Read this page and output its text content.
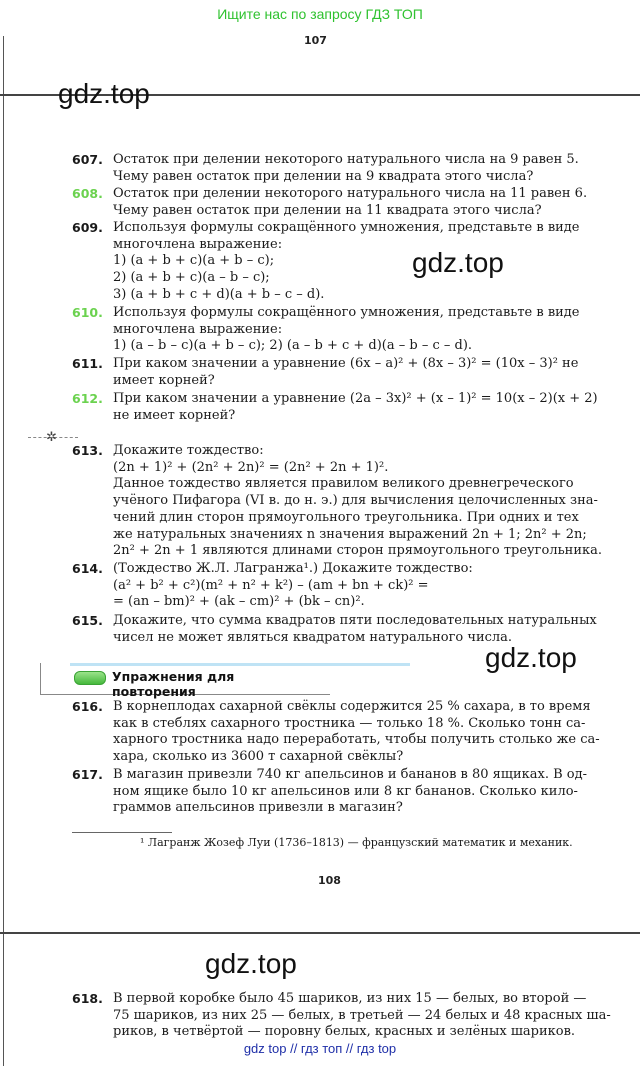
Ищите нас по запросу ГДЗ ТОП
107
gdz.top
607. Остаток при делении некоторого натурального числа на 9 равен 5.
Чему равен остаток при делении на 9 квадрата этого числа?
608. Остаток при делении некоторого натурального числа на 11 равен 6.
Чему равен остаток при делении на 11 квадрата этого числа?
609. Используя формулы сокращённого умножения, представьте в виде
многочлена выражение:
1) (a + b + c)(a + b – c);
2) (a + b + c)(a – b – c);
3) (a + b + c + d)(a + b – c – d).
610. Используя формулы сокращённого умножения, представьте в виде
многочлена выражение:
1) (a – b – c)(a + b – c); 2) (a – b + c + d)(a – b – c – d).
611. При каком значении a уравнение (6x – a)² + (8x – 3)² = (10x – 3)² не
имеет корней?
612. При каком значении a уравнение (2a – 3x)² + (x – 1)² = 10(x – 2)(x + 2)
не имеет корней?
✲
gdz.top
613. Докажите тождество:
(2n + 1)² + (2n² + 2n)² = (2n² + 2n + 1)².
Данное тождество является правилом великого древнегреческого
учёного Пифагора (VI в. до н. э.) для вычисления целочисленных зна-
чений длин сторон прямоугольного треугольника. При одних и тех
же натуральных значениях n значения выражений 2n + 1; 2n² + 2n;
2n² + 2n + 1 являются длинами сторон прямоугольного треугольника.
614. (Тождество Ж.Л. Лагранжа¹.) Докажите тождество:
(a² + b² + c²)(m² + n² + k²) – (am + bn + ck)² =
= (an – bm)² + (ak – cm)² + (bk – cn)².
615. Докажите, что сумма квадратов пяти последовательных натуральных
чисел не может являться квадратом натурального числа.
gdz.top
Упражнения для повторения
616. В корнеплодах сахарной свёклы содержится 25 % сахара, в то время
как в стеблях сахарного тростника — только 18 %. Сколько тонн са-
харного тростника надо переработать, чтобы получить столько же са-
хара, сколько из 3600 т сахарной свёклы?
617. В магазин привезли 740 кг апельсинов и бананов в 80 ящиках. В од-
ном ящике было 10 кг апельсинов или 8 кг бананов. Сколько кило-
граммов апельсинов привезли в магазин?
¹ Лагранж Жозеф Луи (1736–1813) — французский математик и механик.
108
gdz.top
618. В первой коробке было 45 шариков, из них 15 — белых, во второй —
75 шариков, из них 25 — белых, в третьей — 24 белых и 48 красных ша-
риков, в четвёртой — поровну белых, красных и зелёных шариков.
gdz top // гдз топ // гдз top
